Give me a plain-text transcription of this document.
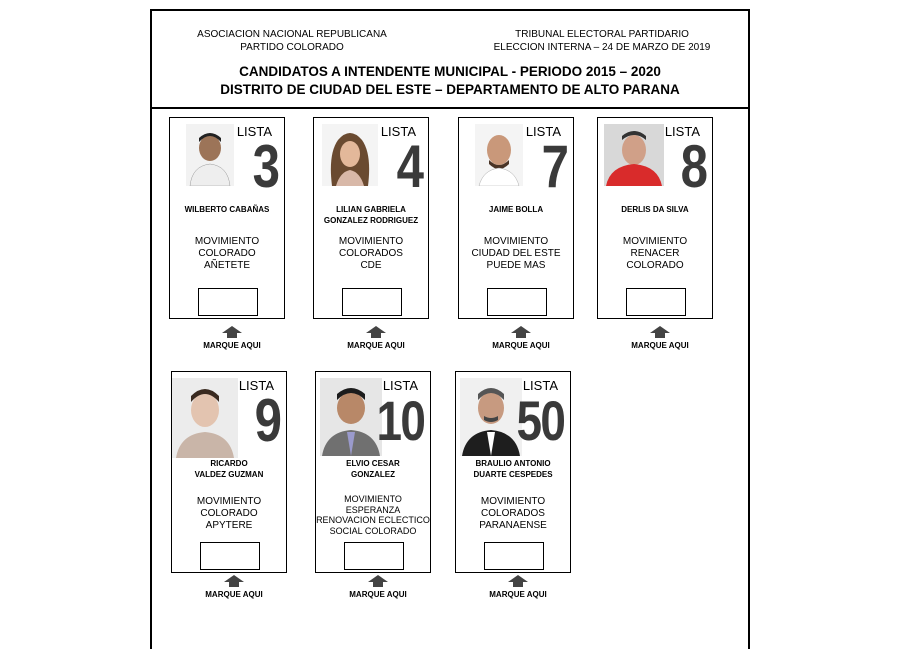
ASOCIACION NACIONAL REPUBLICANA
PARTIDO COLORADO
TRIBUNAL ELECTORAL PARTIDARIO
ELECCION INTERNA – 24 DE MARZO DE 2019
CANDIDATOS A INTENDENTE MUNICIPAL - PERIODO 2015 – 2020
DISTRITO DE CIUDAD DEL ESTE – DEPARTAMENTO DE ALTO PARANA
LISTA
3
WILBERTO CABAÑAS
MOVIMIENTO
COLORADO
AÑETETE
MARQUE AQUI
LISTA
4
LILIAN GABRIELA
GONZALEZ RODRIGUEZ
MOVIMIENTO
COLORADOS
CDE
MARQUE AQUI
LISTA
7
JAIME BOLLA
MOVIMIENTO
CIUDAD DEL ESTE
PUEDE MAS
MARQUE AQUI
LISTA
8
DERLIS DA SILVA
MOVIMIENTO
RENACER
COLORADO
MARQUE AQUI
LISTA
9
RICARDO
VALDEZ GUZMAN
MOVIMIENTO
COLORADO
APYTERE
MARQUE AQUI
LISTA
10
ELVIO CESAR
GONZALEZ
MOVIMIENTO
ESPERANZA
RENOVACION ECLECTICO
SOCIAL COLORADO
MARQUE AQUI
LISTA
50
BRAULIO ANTONIO
DUARTE CESPEDES
MOVIMIENTO
COLORADOS
PARANAENSE
MARQUE AQUI
